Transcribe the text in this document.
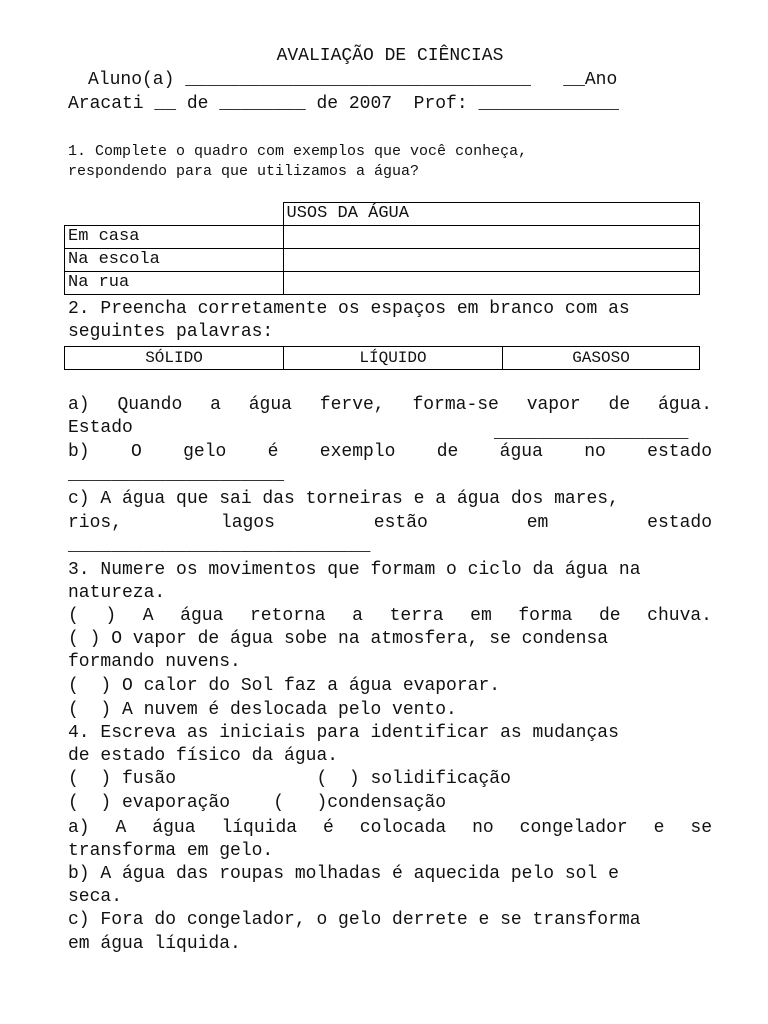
AVALIAÇÃO DE CIÊNCIAS
Aluno(a) ________________________________   __Ano
Aracati __ de ________ de 2007  Prof: _____________
1. Complete o quadro com exemplos que você conheça,
respondendo para que utilizamos a água?
	USOS DA ÁGUA
Em casa	
Na escola	
Na rua	
2. Preencha corretamente os espaços em branco com as
seguintes palavras:
SÓLIDO	LÍQUIDO	GASOSO
a) Quando a água ferve, forma-se vapor de água.
Estado	__________________
b) O gelo é exemplo de água no estado
____________________
c) A água que sai das torneiras e a água dos mares,
rios, lagos estão em estado
____________________________
3. Numere os movimentos que formam o ciclo da água na
natureza.
( ) A água retorna a terra em forma de chuva.
( ) O vapor de água sobe na atmosfera, se condensa
formando nuvens.
(  ) O calor do Sol faz a água evaporar.
(  ) A nuvem é deslocada pelo vento.
4. Escreva as iniciais para identificar as mudanças
de estado físico da água.
(  ) fusão             (  ) solidificação
(  ) evaporação    (   )condensação
a) A água líquida é colocada no congelador e se
transforma em gelo.
b) A água das roupas molhadas é aquecida pelo sol e
seca.
c) Fora do congelador, o gelo derrete e se transforma
em água líquida.
